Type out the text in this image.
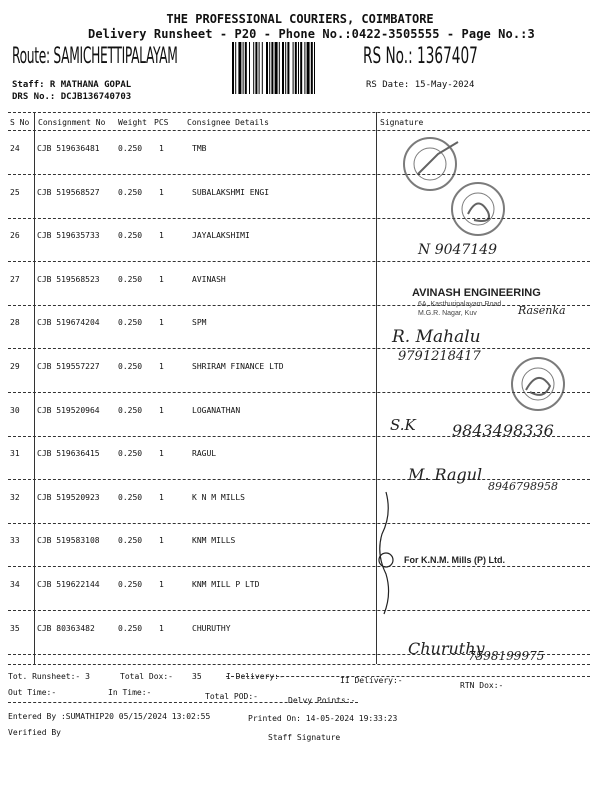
THE PROFESSIONAL COURIERS, COIMBATORE
Delivery Runsheet - P20 - Phone No.:0422-3505555 - Page No.:3
Route: SAMICHETTIPALAYAM	RS No.: 1367407
Staff: R MATHANA GOPAL
DRS No.: DCJB136740703
RS Date: 15-May-2024
S No Consignment No Weight PCS Consignee Details	Signature
24 CJB 519636481 0.250 1	TMB
25 CJB 519568527 0.250 1	SUBALAKSHMI ENGI
26 CJB 519635733 0.250 1	JAYALAKSHIMI
27 CJB 519568523 0.250 1	AVINASH
28 CJB 519674204 0.250 1	SPM
29 CJB 519557227 0.250 1	SHRIRAM FINANCE LTD
30 CJB 519520964 0.250 1	LOGANATHAN
31 CJB 519636415 0.250 1	RAGUL
32 CJB 519520923 0.250 1	K N M MILLS
33 CJB 519583108 0.250 1	KNM MILLS
34 CJB 519622144 0.250 1	KNM MILL P LTD
35 CJB 80363482	0.250 1	CHURUTHY
N 9047149
AVINASH ENGINEERING
6A, Kasthuripalayam Road
M.G.R. Nagar, Kuv	Rasenka
R. Mahalu
9791218417
S.K 9843498336
M. Ragul
8946798958
For K.N.M. Mills (P) Ltd.
Churuthy
7598199975
Tot. Runsheet:- 3	Total Dox:- 35	I Delivery:-	II Delivery:-
RTN Dox:-
Out Time:-	In Time:-	Total POD:-	Delvy Points:-
Entered By :SUMATHIP20 05/15/2024 13:02:55	Printed On: 14-05-2024 19:33:23
Verified By
Staff Signature
